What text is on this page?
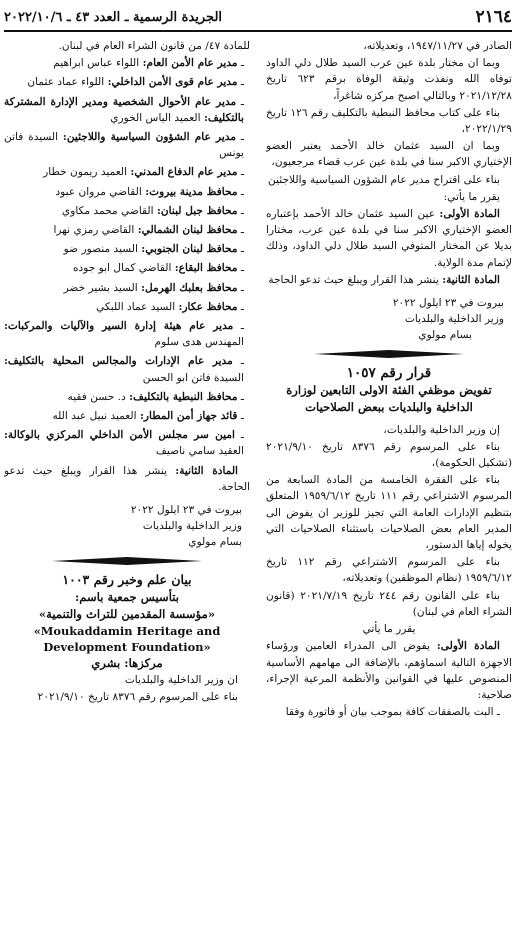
٢١٦٤
الجريدة الرسمية ـ العدد ٤٣ ـ ٢٠٢٢/١٠/٦

الصادر في ١٩٤٧/١١/٢٧، وتعديلاته،

وبما ان مختار بلدة عين عرب السيد طلال دلي الداود توفاه الله ونفذت وثيقة الوفاة برقم ٦٢٣ تاريخ ٢٠٢١/١٢/٢٨ وبالتالي اصبح مركزه شاغراً،

بناء على كتاب محافظ النبطية بالتكليف رقم ١٢٦ تاريخ ٢٠٢٢/١/٢٩،

وبما ان السيد عثمان خالد الأحمد يعتبر العضو الإختياري الاكبر سنا في بلدة عين عرب قضاء مرجعيون،

بناء على اقتراح مدير عام الشؤون السياسية واللاجئين

يقرر ما يأتي:

المادة الأولى: عين السيد عثمان خالد الأحمد بإعتباره العضو الإختياري الاكبر سنا في بلدة عين عرب، مختارا بديلا عن المختار المتوفي السيد طلال دلي الداود، وذلك لإتمام مدة الولاية.

المادة الثانية: ينشر هذا القرار ويبلغ حيث تدعو الحاجة

بيروت في ٢٣ ايلول ٢٠٢٢

وزير الداخلية والبلديات

بسام مولوي

قرار رقم ١٠٥٧

تفويض موظفي الفئة الاولى التابعين لوزارة الداخلية والبلديات ببعض الصلاحيات

إن وزير الداخلية والبلديات،

بناء على المرسوم رقم ٨٣٧٦ تاريخ ٢٠٢١/٩/١٠ (تشكيل الحكومة)،

بناء على الفقرة الخامسة من المادة السابعة من المرسوم الاشتراعي رقم ١١١ تاريخ ١٩٥٩/٦/١٢ المتعلق بتنظيم الإدارات العامة التي تجيز للوزير ان يفوض الى المدير العام بعض الصلاحيات باستثناء الصلاحيات التي يخوله إياها الدستور،

بناء على المرسوم الاشتراعي رقم ١١٢ تاريخ ١٩٥٩/٦/١٢ (نظام الموظفين) وتعديلاته،

بناء على القانون رقم ٢٤٤ تاريخ ٢٠٢١/٧/١٩ (قانون الشراء العام في لبنان)

يقرر ما يأتي

المادة الأولى: يفوض الى المدراء العامين ورؤساء الاجهزة التالية اسماؤهم، بالإضافة الى مهامهم الأساسية المنصوص عليها في القوانين والأنظمة المرعية الإجراء، صلاحية:

ـ البت بالصفقات كافة بموجب بيان أو فاتورة وفقا

للمادة ٤٧/ من قانون الشراء العام في لبنان.

ـ مدير عام الأمن العام: اللواء عباس ابراهيم

ـ مدير عام قوى الأمن الداخلي: اللواء عماد عثمان

ـ مدير عام الأحوال الشخصية ومدير الإدارة المشتركة بالتكليف: العميد الياس الخوري

ـ مدير عام الشؤون السياسية واللاجئين: السيدة فاتن يونس

ـ مدير عام الدفاع المدني: العميد ريمون خطار

ـ محافظ مدينة بيروت: القاضي مروان عبود

ـ محافظ جبل لبنان: القاضي محمد مكاوي

ـ محافظ لبنان الشمالي: القاضي رمزي نهرا

ـ محافظ لبنان الجنوبي: السيد منصور ضو

ـ محافظ البقاع: القاضي كمال ابو جوده

ـ محافظ بعلبك الهرمل: السيد بشير خضر

ـ محافظ عكار: السيد عماد اللبكي

ـ مدير عام هيئة إدارة السير والآليات والمركبات: المهندس هدى سلوم

ـ مدير عام الإدارات والمجالس المحلية بالتكليف: السيدة فاتن ابو الحسن

ـ محافظ النبطية بالتكليف: د. حسن فقيه

ـ قائد جهاز أمن المطار: العميد نبيل عبد الله

ـ امين سر مجلس الأمن الداخلي المركزي بالوكالة: العقيد سامي ناصيف

المادة الثانية: ينشر هذا القرار ويبلغ حيث تدعو الحاجة.

بيروت في ٢٣ ايلول ٢٠٢٢

وزير الداخلية والبلديات

بسام مولوي

بيان علم وخبر رقم ١٠٠٣

بتأسيس جمعية باسم:

«مؤسسة المقدمين للتراث والتنمية»

«Moukaddamin Heritage and Development Foundation»

مركزها: بشري

ان وزير الداخلية والبلديات

بناء على المرسوم رقم ٨٣٧٦ تاريخ ٢٠٢١/٩/١٠
